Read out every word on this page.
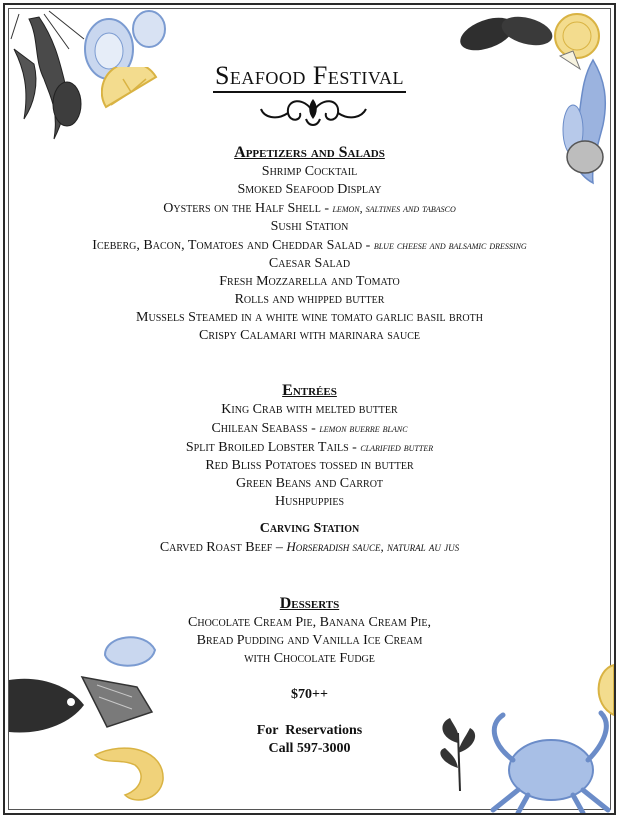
Seafood Festival
Appetizers and Salads
Shrimp Cocktail
Smoked Seafood Display
Oysters on the Half Shell - lemon, saltines and tabasco
Sushi Station
Iceberg, Bacon, Tomatoes and Cheddar Salad - blue cheese and balsamic dressing
Caesar Salad
Fresh Mozzarella and Tomato
Rolls and whipped butter
Mussels Steamed in a white wine tomato garlic basil broth
Crispy Calamari with marinara sauce
Entrées
King Crab with melted butter
Chilean Seabass - lemon buerre blanc
Split Broiled Lobster Tails - clarified butter
Red Bliss Potatoes tossed in butter
Green Beans and Carrot
Hushpuppies
Carving Station
Carved Roast Beef – Horseradish sauce, natural au jus
Desserts
Chocolate Cream Pie, Banana Cream Pie,
Bread Pudding and Vanilla Ice Cream
with Chocolate Fudge
$70++
For  Reservations
Call 597-3000
